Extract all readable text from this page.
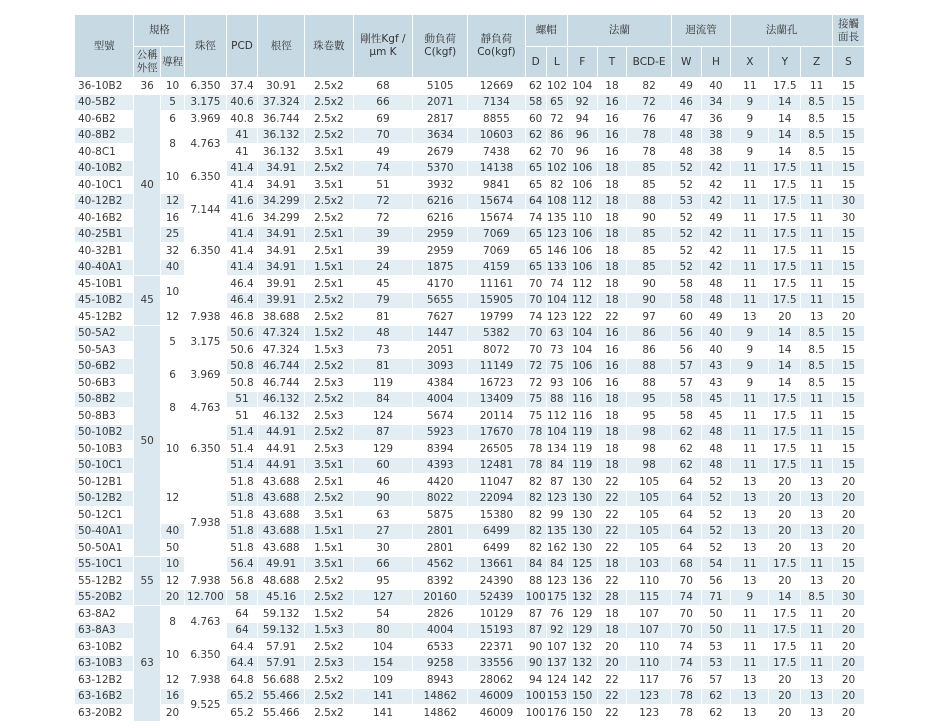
型號	規格		珠徑	PCD	根徑	珠卷數	剛性Kgf /μm K	動負荷C(kgf)	靜負荷Co(kgf)	螺帽		法蘭			迴流管		法蘭孔			接觸面長
	公稱外徑	導程								D	L	F	T	BCD-E	W	H	X	Y	Z	S
36-10B2	36	10	6.350	37.4	30.91	2.5x2	68	5105	12669	62	102	104	18	82	49	40	11	17.5	11	15
40-5B2	40	5	3.175	40.6	37.324	2.5x2	66	2071	7134	58	65	92	16	72	46	34	9	14	8.5	15
40-6B2		6	3.969	40.8	36.744	2.5x2	69	2817	8855	60	72	94	16	76	47	36	9	14	8.5	15
40-8B2		8	4.763	41	36.132	2.5x2	70	3634	10603	62	86	96	16	78	48	38	9	14	8.5	15
40-8C1				41	36.132	3.5x1	49	2679	7438	62	70	96	16	78	48	38	9	14	8.5	15
40-10B2		10	6.350	41.4	34.91	2.5x2	74	5370	14138	65	102	106	18	85	52	42	11	17.5	11	15
40-10C1				41.4	34.91	3.5x1	51	3932	9841	65	82	106	18	85	52	42	11	17.5	11	15
40-12B2		12	7.144	41.6	34.299	2.5x2	72	6216	15674	64	108	112	18	88	53	42	11	17.5	11	30
40-16B2		16		41.6	34.299	2.5x2	72	6216	15674	74	135	110	18	90	52	49	11	17.5	11	30
40-25B1		25	6.350	41.4	34.91	2.5x1	39	2959	7069	65	123	106	18	85	52	42	11	17.5	11	15
40-32B1		32		41.4	34.91	2.5x1	39	2959	7069	65	146	106	18	85	52	42	11	17.5	11	15
40-40A1		40		41.4	34.91	1.5x1	24	1875	4159	65	133	106	18	85	52	42	11	17.5	11	15
45-10B1	45	10		46.4	39.91	2.5x1	45	4170	11161	70	74	112	18	90	58	48	11	17.5	11	15
45-10B2				46.4	39.91	2.5x2	79	5655	15905	70	104	112	18	90	58	48	11	17.5	11	15
45-12B2		12	7.938	46.8	38.688	2.5x2	81	7627	19799	74	123	122	22	97	60	49	13	20	13	20
50-5A2	50	5	3.175	50.6	47.324	1.5x2	48	1447	5382	70	63	104	16	86	56	40	9	14	8.5	15
50-5A3				50.6	47.324	1.5x3	73	2051	8072	70	73	104	16	86	56	40	9	14	8.5	15
50-6B2		6	3.969	50.8	46.744	2.5x2	81	3093	11149	72	75	106	16	88	57	43	9	14	8.5	15
50-6B3				50.8	46.744	2.5x3	119	4384	16723	72	93	106	16	88	57	43	9	14	8.5	15
50-8B2		8	4.763	51	46.132	2.5x2	84	4004	13409	75	88	116	18	95	58	45	11	17.5	11	15
50-8B3				51	46.132	2.5x3	124	5674	20114	75	112	116	18	95	58	45	11	17.5	11	15
50-10B2		10	6.350	51.4	44.91	2.5x2	87	5923	17670	78	104	119	18	98	62	48	11	17.5	11	15
50-10B3				51.4	44.91	2.5x3	129	8394	26505	78	134	119	18	98	62	48	11	17.5	11	15
50-10C1				51.4	44.91	3.5x1	60	4393	12481	78	84	119	18	98	62	48	11	17.5	11	15
50-12B1		12	7.938	51.8	43.688	2.5x1	46	4420	11047	82	87	130	22	105	64	52	13	20	13	20
50-12B2				51.8	43.688	2.5x2	90	8022	22094	82	123	130	22	105	64	52	13	20	13	20
50-12C1				51.8	43.688	3.5x1	63	5875	15380	82	99	130	22	105	64	52	13	20	13	20
50-40A1		40		51.8	43.688	1.5x1	27	2801	6499	82	135	130	22	105	64	52	13	20	13	20
50-50A1		50		51.8	43.688	1.5x1	30	2801	6499	82	162	130	22	105	64	52	13	20	13	20
55-10C1	55	10		56.4	49.91	3.5x1	66	4562	13661	84	84	125	18	103	68	54	11	17.5	11	15
55-12B2		12	7.938	56.8	48.688	2.5x2	95	8392	24390	88	123	136	22	110	70	56	13	20	13	20
55-20B2		20	12.700	58	45.16	2.5x2	127	20160	52439	100	175	132	28	115	74	71	9	14	8.5	30
63-8A2	63	8	4.763	64	59.132	1.5x2	54	2826	10129	87	76	129	18	107	70	50	11	17.5	11	20
63-8A3				64	59.132	1.5x3	80	4004	15193	87	92	129	18	107	70	50	11	17.5	11	20
63-10B2		10	6.350	64.4	57.91	2.5x2	104	6533	22371	90	107	132	20	110	74	53	11	17.5	11	20
63-10B3				64.4	57.91	2.5x3	154	9258	33556	90	137	132	20	110	74	53	11	17.5	11	20
63-12B2		12	7.938	64.8	56.688	2.5x2	109	8943	28062	94	124	142	22	117	76	57	13	20	13	20
63-16B2		16	9.525	65.2	55.466	2.5x2	141	14862	46009	100	153	150	22	123	78	62	13	20	13	20
63-20B2		20		65.2	55.466	2.5x2	141	14862	46009	100	176	150	22	123	78	62	13	20	13	20
